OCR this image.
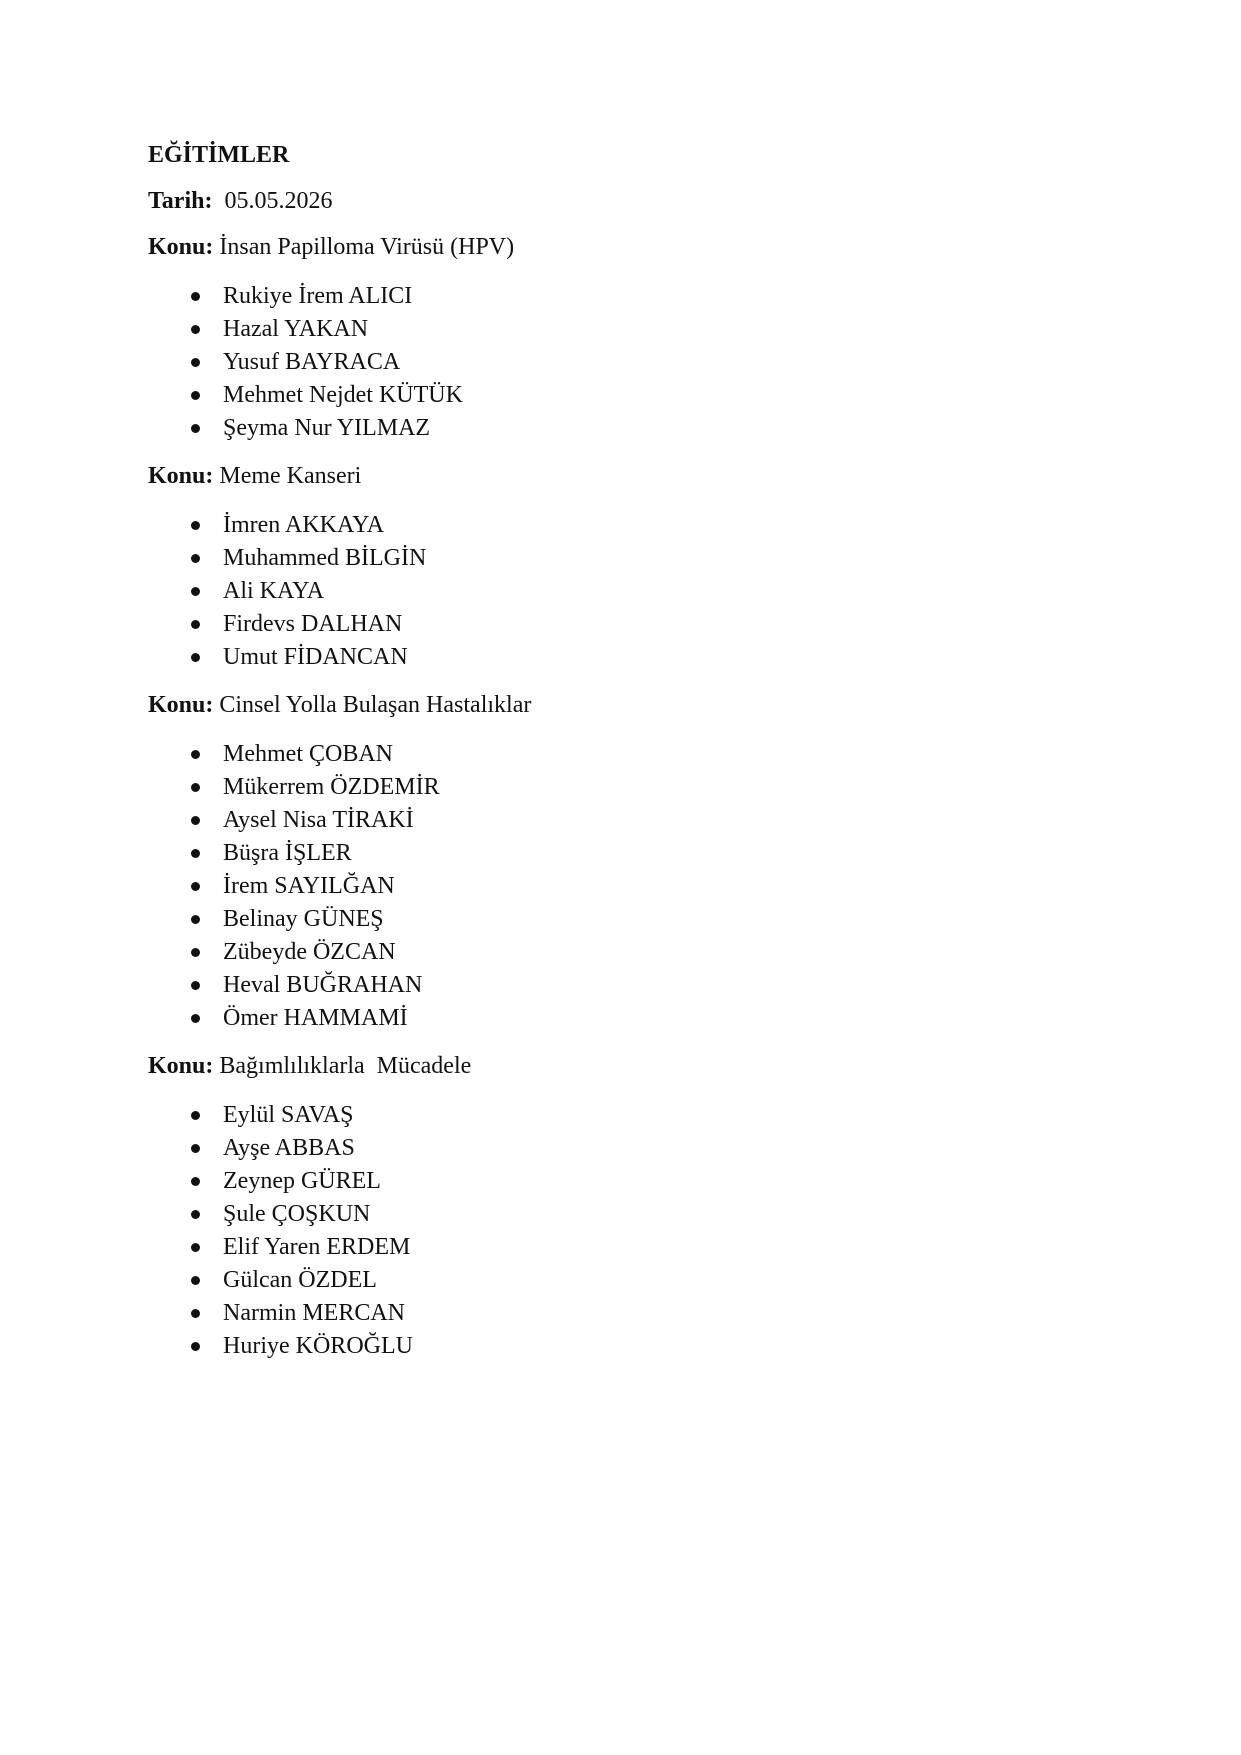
EĞİTİMLER
Tarih: 05.05.2026
Konu: İnsan Papilloma Virüsü (HPV)
Rukiye İrem ALICI
Hazal YAKAN
Yusuf BAYRACA
Mehmet Nejdet KÜTÜK
Şeyma Nur YILMAZ
Konu: Meme Kanseri
İmren AKKAYA
Muhammed BİLGİN
Ali KAYA
Firdevs DALHAN
Umut FİDANCAN
Konu: Cinsel Yolla Bulaşan Hastalıklar
Mehmet ÇOBAN
Mükerrem ÖZDEMİR
Aysel Nisa TİRAKİ
Büşra İŞLER
İrem SAYILĞAN
Belinay GÜNEŞ
Zübeyde ÖZCAN
Heval BUĞRAHAN
Ömer HAMMAMİ
Konu: Bağımlılıklarla  Mücadele
Eylül SAVAŞ
Ayşe ABBAS
Zeynep GÜREL
Şule ÇOŞKUN
Elif Yaren ERDEM
Gülcan ÖZDEL
Narmin MERCAN
Huriye KÖROĞLU
